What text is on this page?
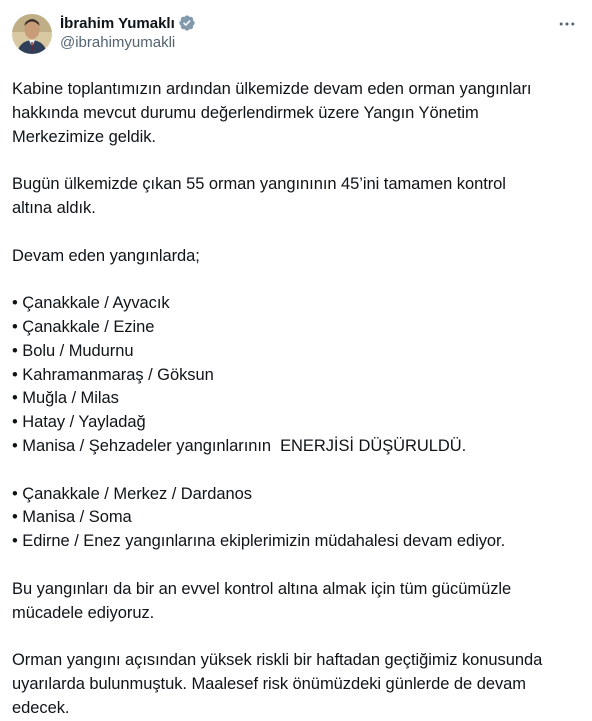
İbrahim Yumaklı
@ibrahimyumakli

Kabine toplantımızın ardından ülkemizde devam eden orman yangınları
hakkında mevcut durumu değerlendirmek üzere Yangın Yönetim
Merkezimize geldik.

Bugün ülkemizde çıkan 55 orman yangınının 45’ini tamamen kontrol
altına aldık.

Devam eden yangınlarda;

• Çanakkale / Ayvacık
• Çanakkale / Ezine
• Bolu / Mudurnu
• Kahramanmaraş / Göksun
• Muğla / Milas
• Hatay / Yayladağ
• Manisa / Şehzadeler yangınlarının  ENERJİSİ DÜŞÜRULDÜ.

• Çanakkale / Merkez / Dardanos
• Manisa / Soma
• Edirne / Enez yangınlarına ekiplerimizin müdahalesi devam ediyor.

Bu yangınları da bir an evvel kontrol altına almak için tüm gücümüzle
mücadele ediyoruz.

Orman yangını açısından yüksek riskli bir haftadan geçtiğimiz konusunda
uyarılarda bulunmuştuk. Maalesef risk önümüzdeki günlerde de devam
edecek.
